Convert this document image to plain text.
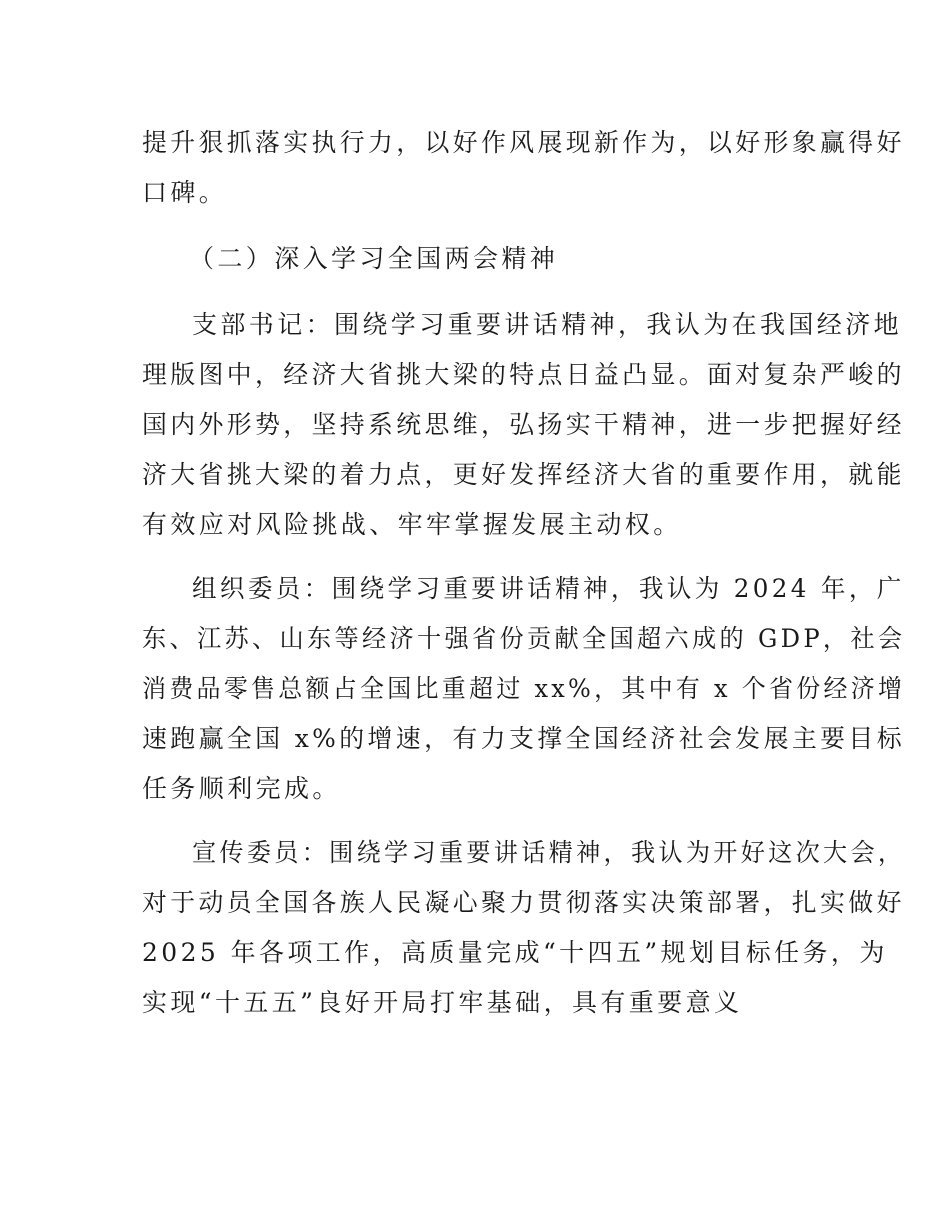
提升狠抓落实执行力，以好作风展现新作为，以好形象赢得好
口碑。
（二）深入学习全国两会精神
支部书记：围绕学习重要讲话精神，我认为在我国经济地
理版图中，经济大省挑大梁的特点日益凸显。面对复杂严峻的
国内外形势，坚持系统思维，弘扬实干精神，进一步把握好经
济大省挑大梁的着力点，更好发挥经济大省的重要作用，就能
有效应对风险挑战、牢牢掌握发展主动权。
组织委员：围绕学习重要讲话精神，我认为 2024 年，广
东、江苏、山东等经济十强省份贡献全国超六成的 GDP，社会
消费品零售总额占全国比重超过 xx%，其中有 x 个省份经济增
速跑赢全国 x%的增速，有力支撑全国经济社会发展主要目标
任务顺利完成。
宣传委员：围绕学习重要讲话精神，我认为开好这次大会，
对于动员全国各族人民凝心聚力贯彻落实决策部署，扎实做好
2025 年各项工作，高质量完成“十四五”规划目标任务，为
实现“十五五”良好开局打牢基础，具有重要意义
